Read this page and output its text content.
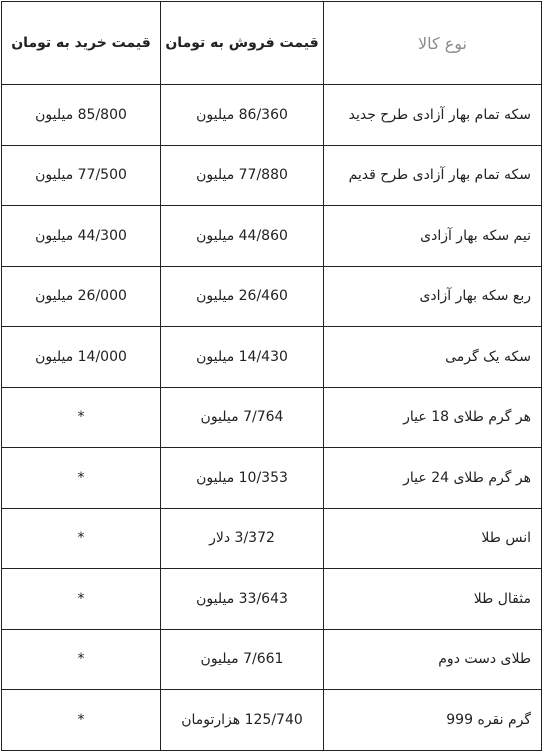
نوع کالا	قیمت فروش به تومان	قیمت خرید به تومان
سکه تمام بهار آزادی طرح جدید	86/360 میلیون	85/800 میلیون
سکه تمام بهار آزادی طرح قدیم	77/880 میلیون	77/500 میلیون
نیم سکه بهار آزادی	44/860 میلیون	44/300 میلیون
ربع سکه بهار آزادی	26/460 میلیون	26/000 میلیون
سکه یک گرمی	14/430 میلیون	14/000 میلیون
هر گرم طلای 18 عیار	7/764 میلیون	*
هر گرم طلای 24 عیار	10/353 میلیون	*
انس طلا	3/372 دلار	*
مثقال طلا	33/643 میلیون	*
طلای دست دوم	7/661 میلیون	*
گرم نقره 999	125/740 هزارتومان	*
